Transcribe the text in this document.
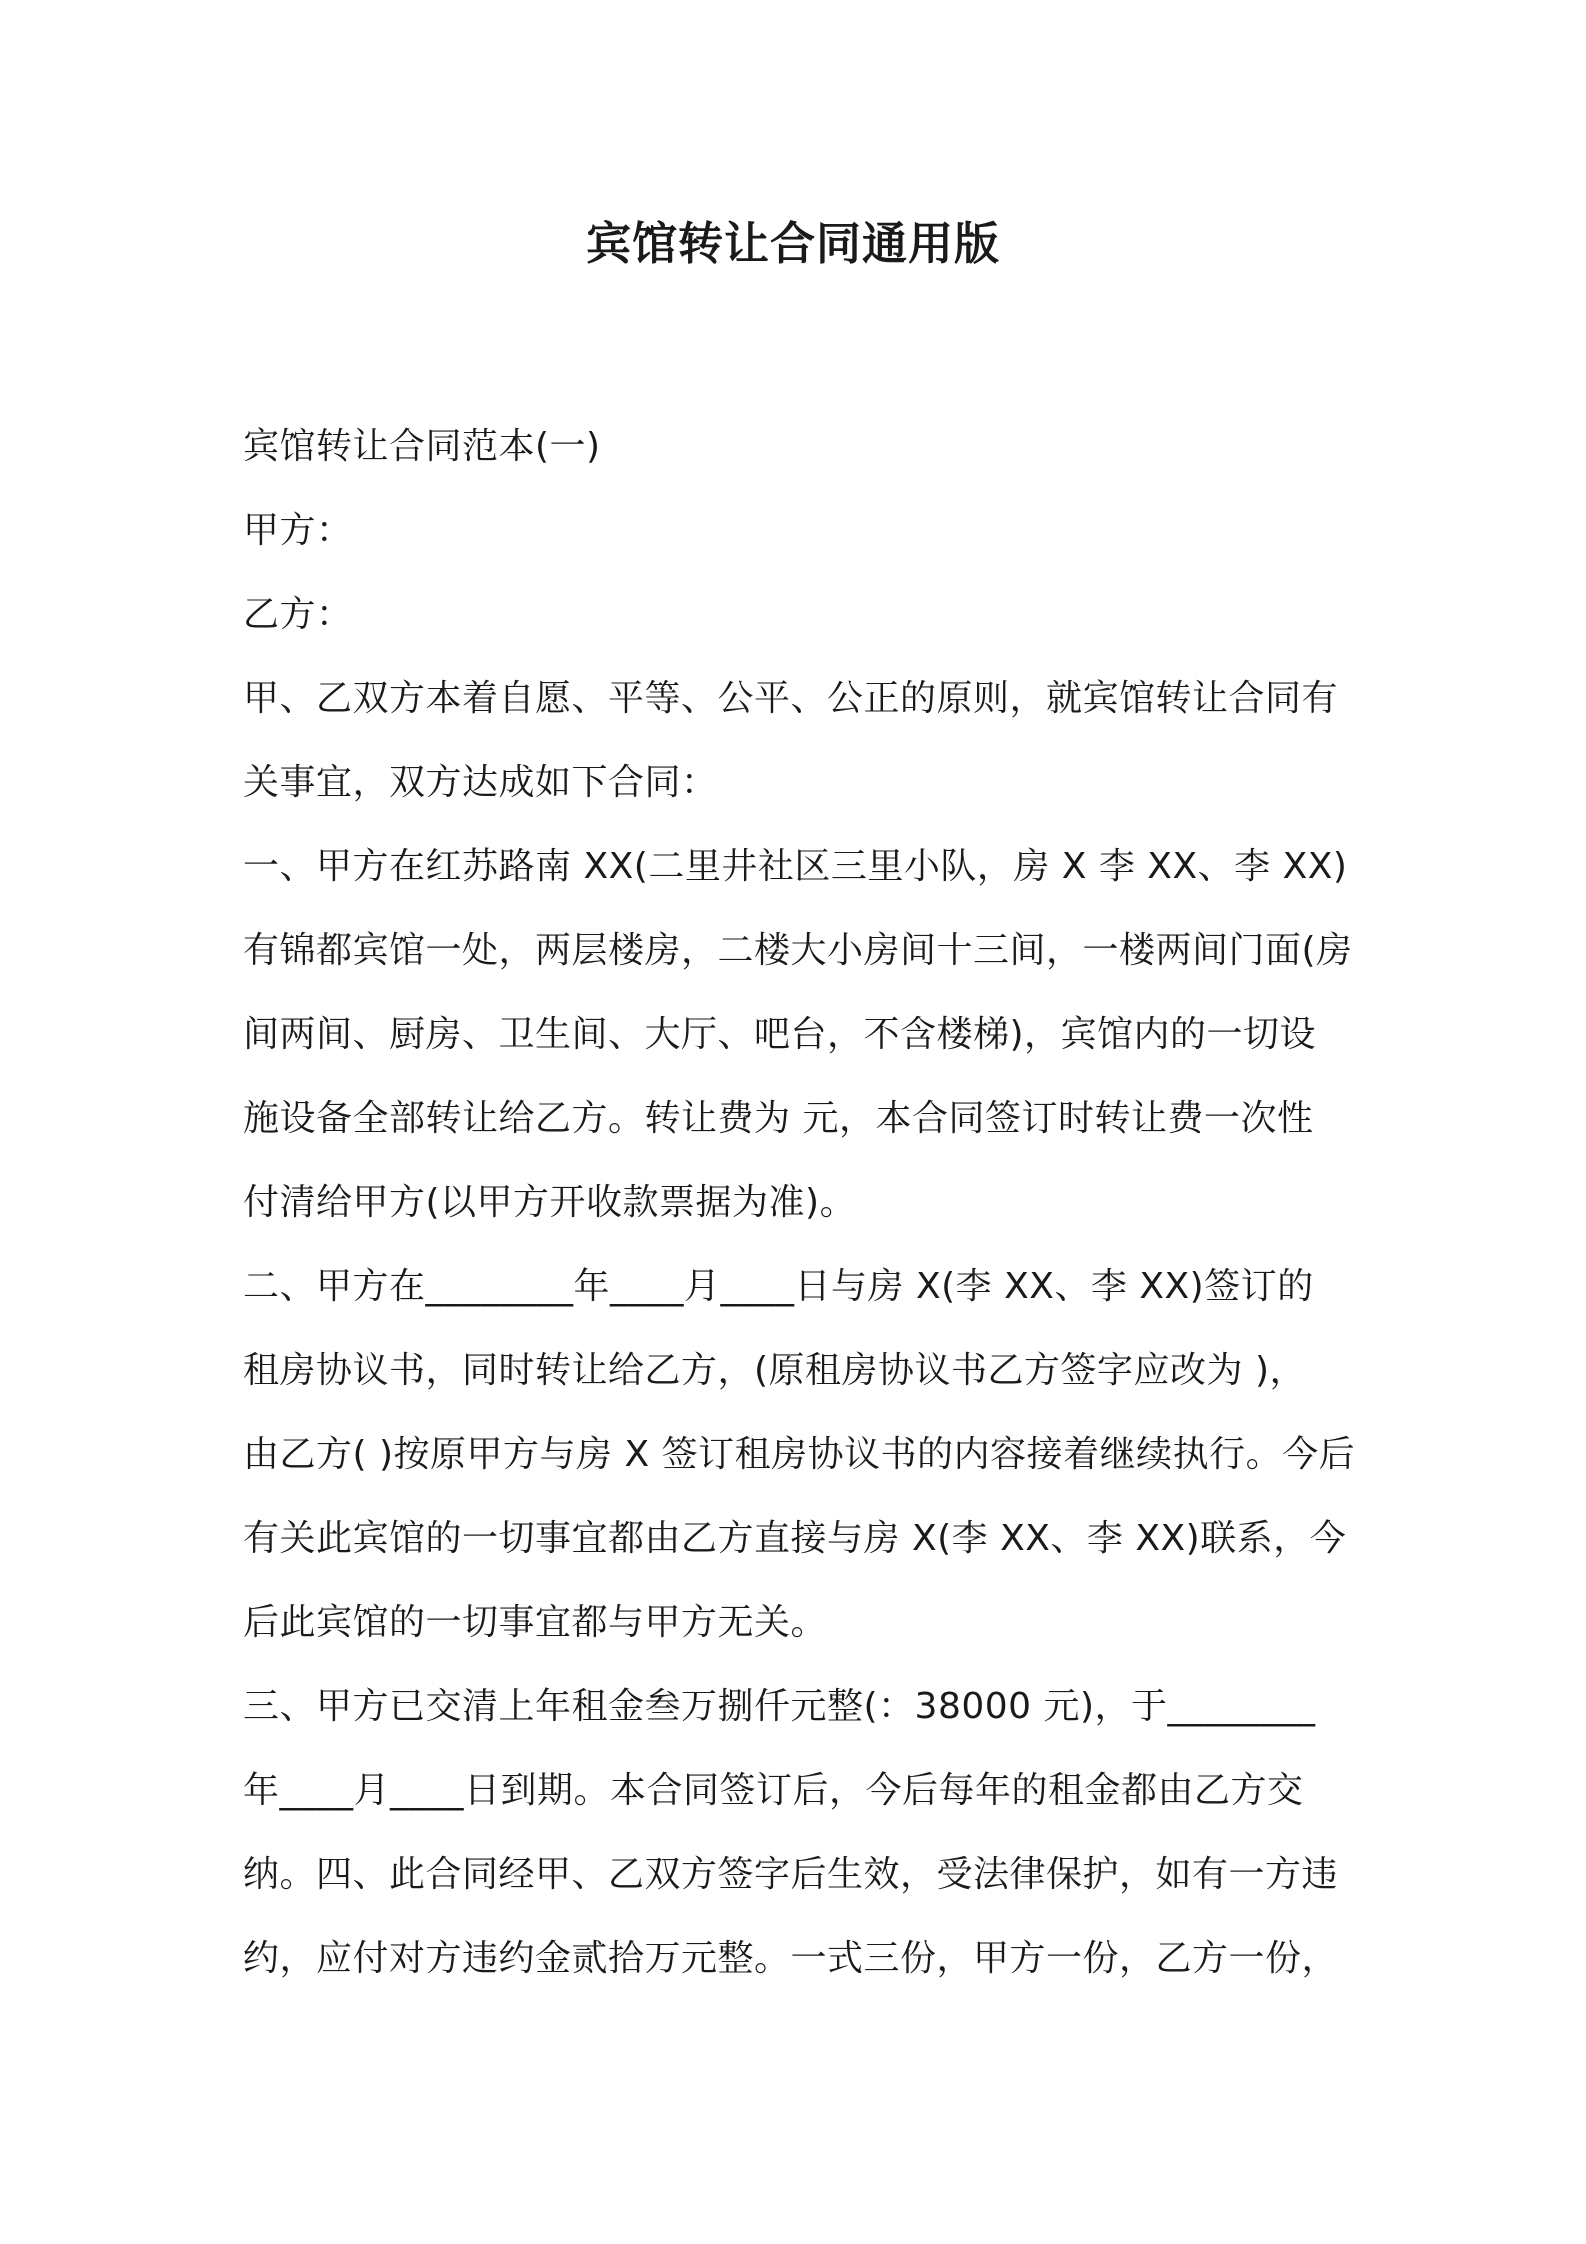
宾馆转让合同通用版
宾馆转让合同范本(一)
甲方：
乙方：
甲、乙双方本着自愿、平等、公平、公正的原则，就宾馆转让合同有
关事宜，双方达成如下合同：
一、甲方在红苏路南 XX(二里井社区三里小队，房 X 李 XX、李 XX)
有锦都宾馆一处，两层楼房，二楼大小房间十三间，一楼两间门面(房
间两间、厨房、卫生间、大厅、吧台，不含楼梯)，宾馆内的一切设
施设备全部转让给乙方。转让费为 元，本合同签订时转让费一次性
付清给甲方(以甲方开收款票据为准)。
二、甲方在________年____月____日与房 X(李 XX、李 XX)签订的
租房协议书，同时转让给乙方，(原租房协议书乙方签字应改为 )，
由乙方( )按原甲方与房 X 签订租房协议书的内容接着继续执行。今后
有关此宾馆的一切事宜都由乙方直接与房 X(李 XX、李 XX)联系，今
后此宾馆的一切事宜都与甲方无关。
三、甲方已交清上年租金叁万捌仟元整(：38000 元)，于________
年____月____日到期。本合同签订后，今后每年的租金都由乙方交
纳。四、此合同经甲、乙双方签字后生效，受法律保护，如有一方违
约，应付对方违约金贰拾万元整。一式三份，甲方一份，乙方一份，
